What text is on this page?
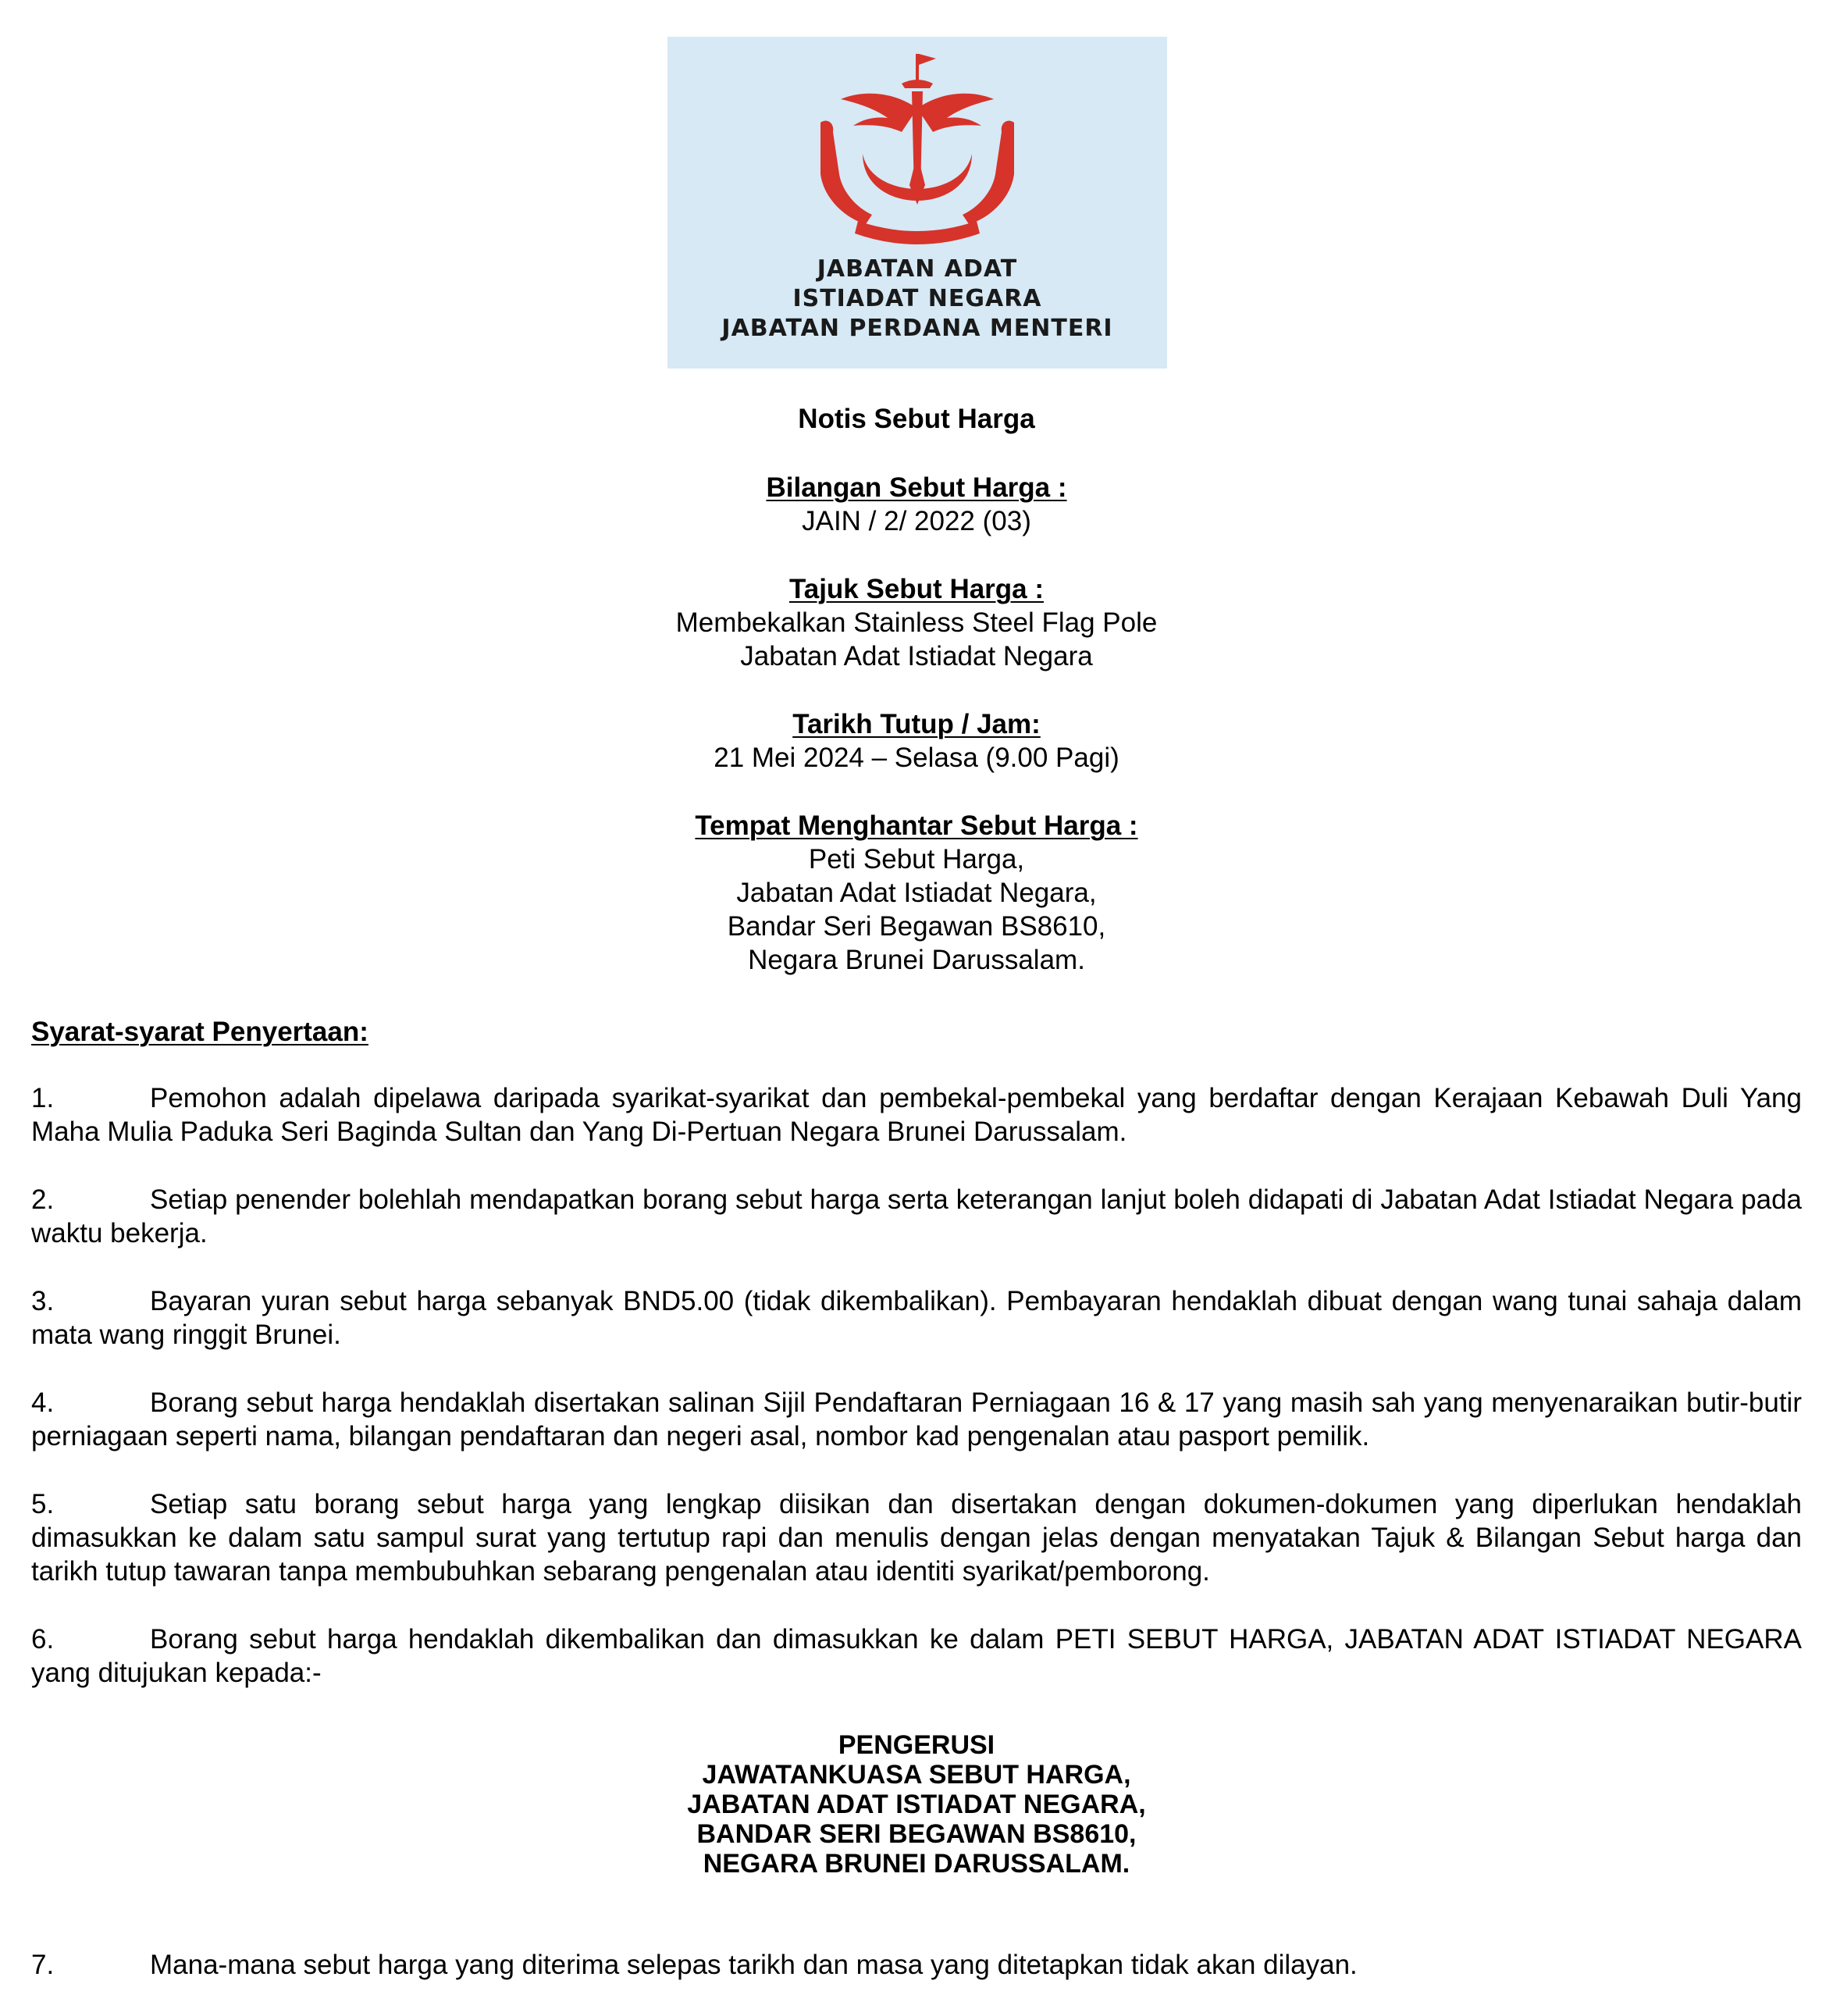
JABATAN ADAT
ISTIADAT NEGARA
JABATAN PERDANA MENTERI
Notis Sebut Harga
Bilangan Sebut Harga :
JAIN / 2/ 2022 (03)
Tajuk Sebut Harga :
Membekalkan Stainless Steel Flag Pole
Jabatan Adat Istiadat Negara
Tarikh Tutup / Jam:
21 Mei 2024 – Selasa (9.00 Pagi)
Tempat Menghantar Sebut Harga :
Peti Sebut Harga,
Jabatan Adat Istiadat Negara,
Bandar Seri Begawan BS8610,
Negara Brunei Darussalam.
Syarat-syarat Penyertaan:
1.	Pemohon adalah dipelawa daripada syarikat-syarikat dan pembekal-pembekal yang berdaftar dengan Kerajaan Kebawah Duli Yang Maha Mulia Paduka Seri Baginda Sultan dan Yang Di-Pertuan Negara Brunei Darussalam.
2.	Setiap penender bolehlah mendapatkan borang sebut harga serta keterangan lanjut boleh didapati di Jabatan Adat Istiadat Negara pada waktu bekerja.
3.	Bayaran yuran sebut harga sebanyak BND5.00 (tidak dikembalikan). Pembayaran hendaklah dibuat dengan wang tunai sahaja dalam mata wang ringgit Brunei.
4.	Borang sebut harga hendaklah disertakan salinan Sijil Pendaftaran Perniagaan 16 & 17 yang masih sah yang menyenaraikan butir-butir perniagaan seperti nama, bilangan pendaftaran dan negeri asal, nombor kad pengenalan atau pasport pemilik.
5.	Setiap satu borang sebut harga yang lengkap diisikan dan disertakan dengan dokumen-dokumen yang diperlukan hendaklah dimasukkan ke dalam satu sampul surat yang tertutup rapi dan menulis dengan jelas dengan menyatakan Tajuk & Bilangan Sebut harga dan tarikh tutup tawaran tanpa membubuhkan sebarang pengenalan atau identiti syarikat/pemborong.
6.	Borang sebut harga hendaklah dikembalikan dan dimasukkan ke dalam PETI SEBUT HARGA, JABATAN ADAT ISTIADAT NEGARA yang ditujukan kepada:-
PENGERUSI
JAWATANKUASA SEBUT HARGA,
JABATAN ADAT ISTIADAT NEGARA,
BANDAR SERI BEGAWAN BS8610,
NEGARA BRUNEI DARUSSALAM.
7.	Mana-mana sebut harga yang diterima selepas tarikh dan masa yang ditetapkan tidak akan dilayan.
